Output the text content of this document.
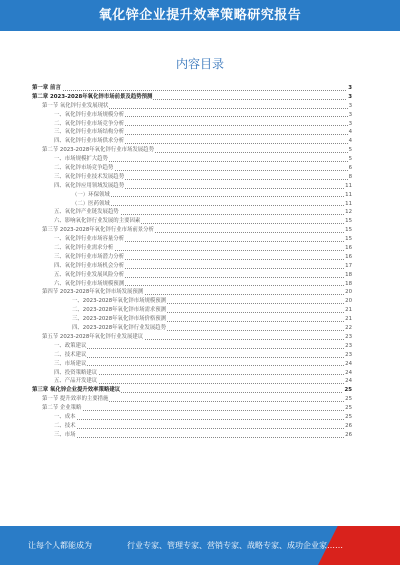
氧化锌企业提升效率策略研究报告
内容目录
第一章 前言	3
第二章 2023-2028年氧化锌市场前景及趋势预测	3
第一节 氧化锌行业发展现状	3
一、氧化锌行业市场规模分析	3
二、氧化锌行业市场竞争分析	3
三、氧化锌行业市场结构分析	4
四、氧化锌行业市场供求分析	4
第二节 2023-2028年氧化锌行业市场发展趋势	5
一、市场规模扩大趋势	5
二、氧化锌市场竞争趋势	6
三、氧化锌行业技术发展趋势	8
四、氧化锌应用领域发展趋势	11
（一）环保领域	11
（二）医药领域	11
五、氧化锌产业链发展趋势	12
六、影响氧化锌行业发展的主要因素	15
第三节 2023-2028年氧化锌行业市场前景分析	15
一、氧化锌行业市场容量分析	15
二、氧化锌行业需求分析	16
三、氧化锌行业市场潜力分析	16
四、氧化锌行业市场机会分析	17
五、氧化锌行业发展风险分析	18
六、氧化锌行业市场规模预测	18
第四节 2023-2028年氧化锌市场发展预测	20
一、2023-2028年氧化锌市场规模预测	20
二、2023-2028年氧化锌市场需求预测	21
三、2023-2028年氧化锌市场价格预测	21
四、2023-2028年氧化锌行业发展趋势	22
第五节 2023-2028年氧化锌行业发展建议	23
一、政策建议	23
二、技术建议	23
三、市场建议	24
四、投资策略建议	24
五、产品开发建议	24
第三章 氧化锌企业提升效率策略建议	25
第一节 提升效率的主要措施	25
第二节 企业策略	25
一、成本	25
二、技术	26
三、市场	26
让每个人都能成为	行业专家、管理专家、营销专家、战略专家、成功企业家……
